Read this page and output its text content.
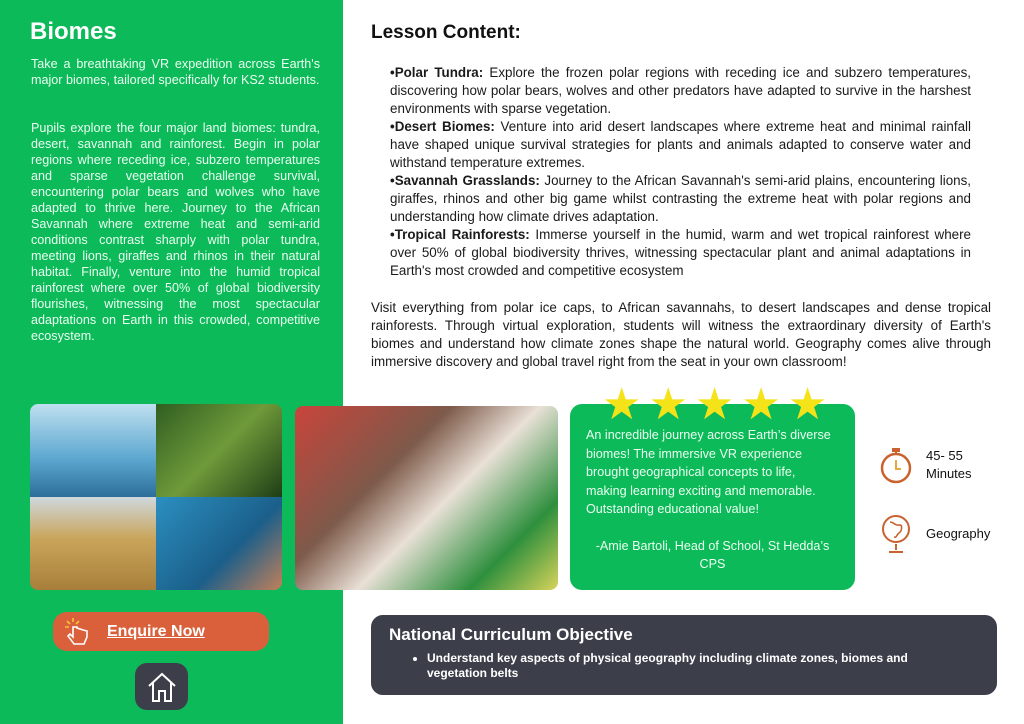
Biomes

Take a breathtaking VR expedition across Earth's major biomes, tailored specifically for KS2 students.

Pupils explore the four major land biomes: tundra, desert, savannah and rainforest. Begin in polar regions where receding ice, subzero temperatures and sparse vegetation challenge survival, encountering polar bears and wolves who have adapted to thrive here. Journey to the African Savannah where extreme heat and semi-arid conditions contrast sharply with polar tundra, meeting lions, giraffes and rhinos in their natural habitat. Finally, venture into the humid tropical rainforest where over 50% of global biodiversity flourishes, witnessing the most spectacular adaptations on Earth in this crowded, competitive ecosystem.

Lesson Content:
•Polar Tundra: Explore the frozen polar regions with receding ice and subzero temperatures, discovering how polar bears, wolves and other predators have adapted to survive in the harshest environments with sparse vegetation.
•Desert Biomes: Venture into arid desert landscapes where extreme heat and minimal rainfall have shaped unique survival strategies for plants and animals adapted to conserve water and withstand temperature extremes.
•Savannah Grasslands: Journey to the African Savannah's semi-arid plains, encountering lions, giraffes, rhinos and other big game whilst contrasting the extreme heat with polar regions and understanding how climate drives adaptation.
•Tropical Rainforests: Immerse yourself in the humid, warm and wet tropical rainforest where over 50% of global biodiversity thrives, witnessing spectacular plant and animal adaptations in Earth's most crowded and competitive ecosystem

Visit everything from polar ice caps, to African savannahs, to desert landscapes and dense tropical rainforests. Through virtual exploration, students will witness the extraordinary diversity of Earth's biomes and understand how climate zones shape the natural world. Geography comes alive through immersive discovery and global travel right from the seat in your own classroom!

An incredible journey across Earth’s diverse biomes! The immersive VR experience brought geographical concepts to life, making learning exciting and memorable. Outstanding educational value!

-Amie Bartoli, Head of School, St Hedda’s CPS

★ ★ ★ ★ ★
45- 55
Minutes
Geography
Enquire Now	National Curriculum Objective
• Understand key aspects of physical geography including climate zones, biomes and vegetation belts
